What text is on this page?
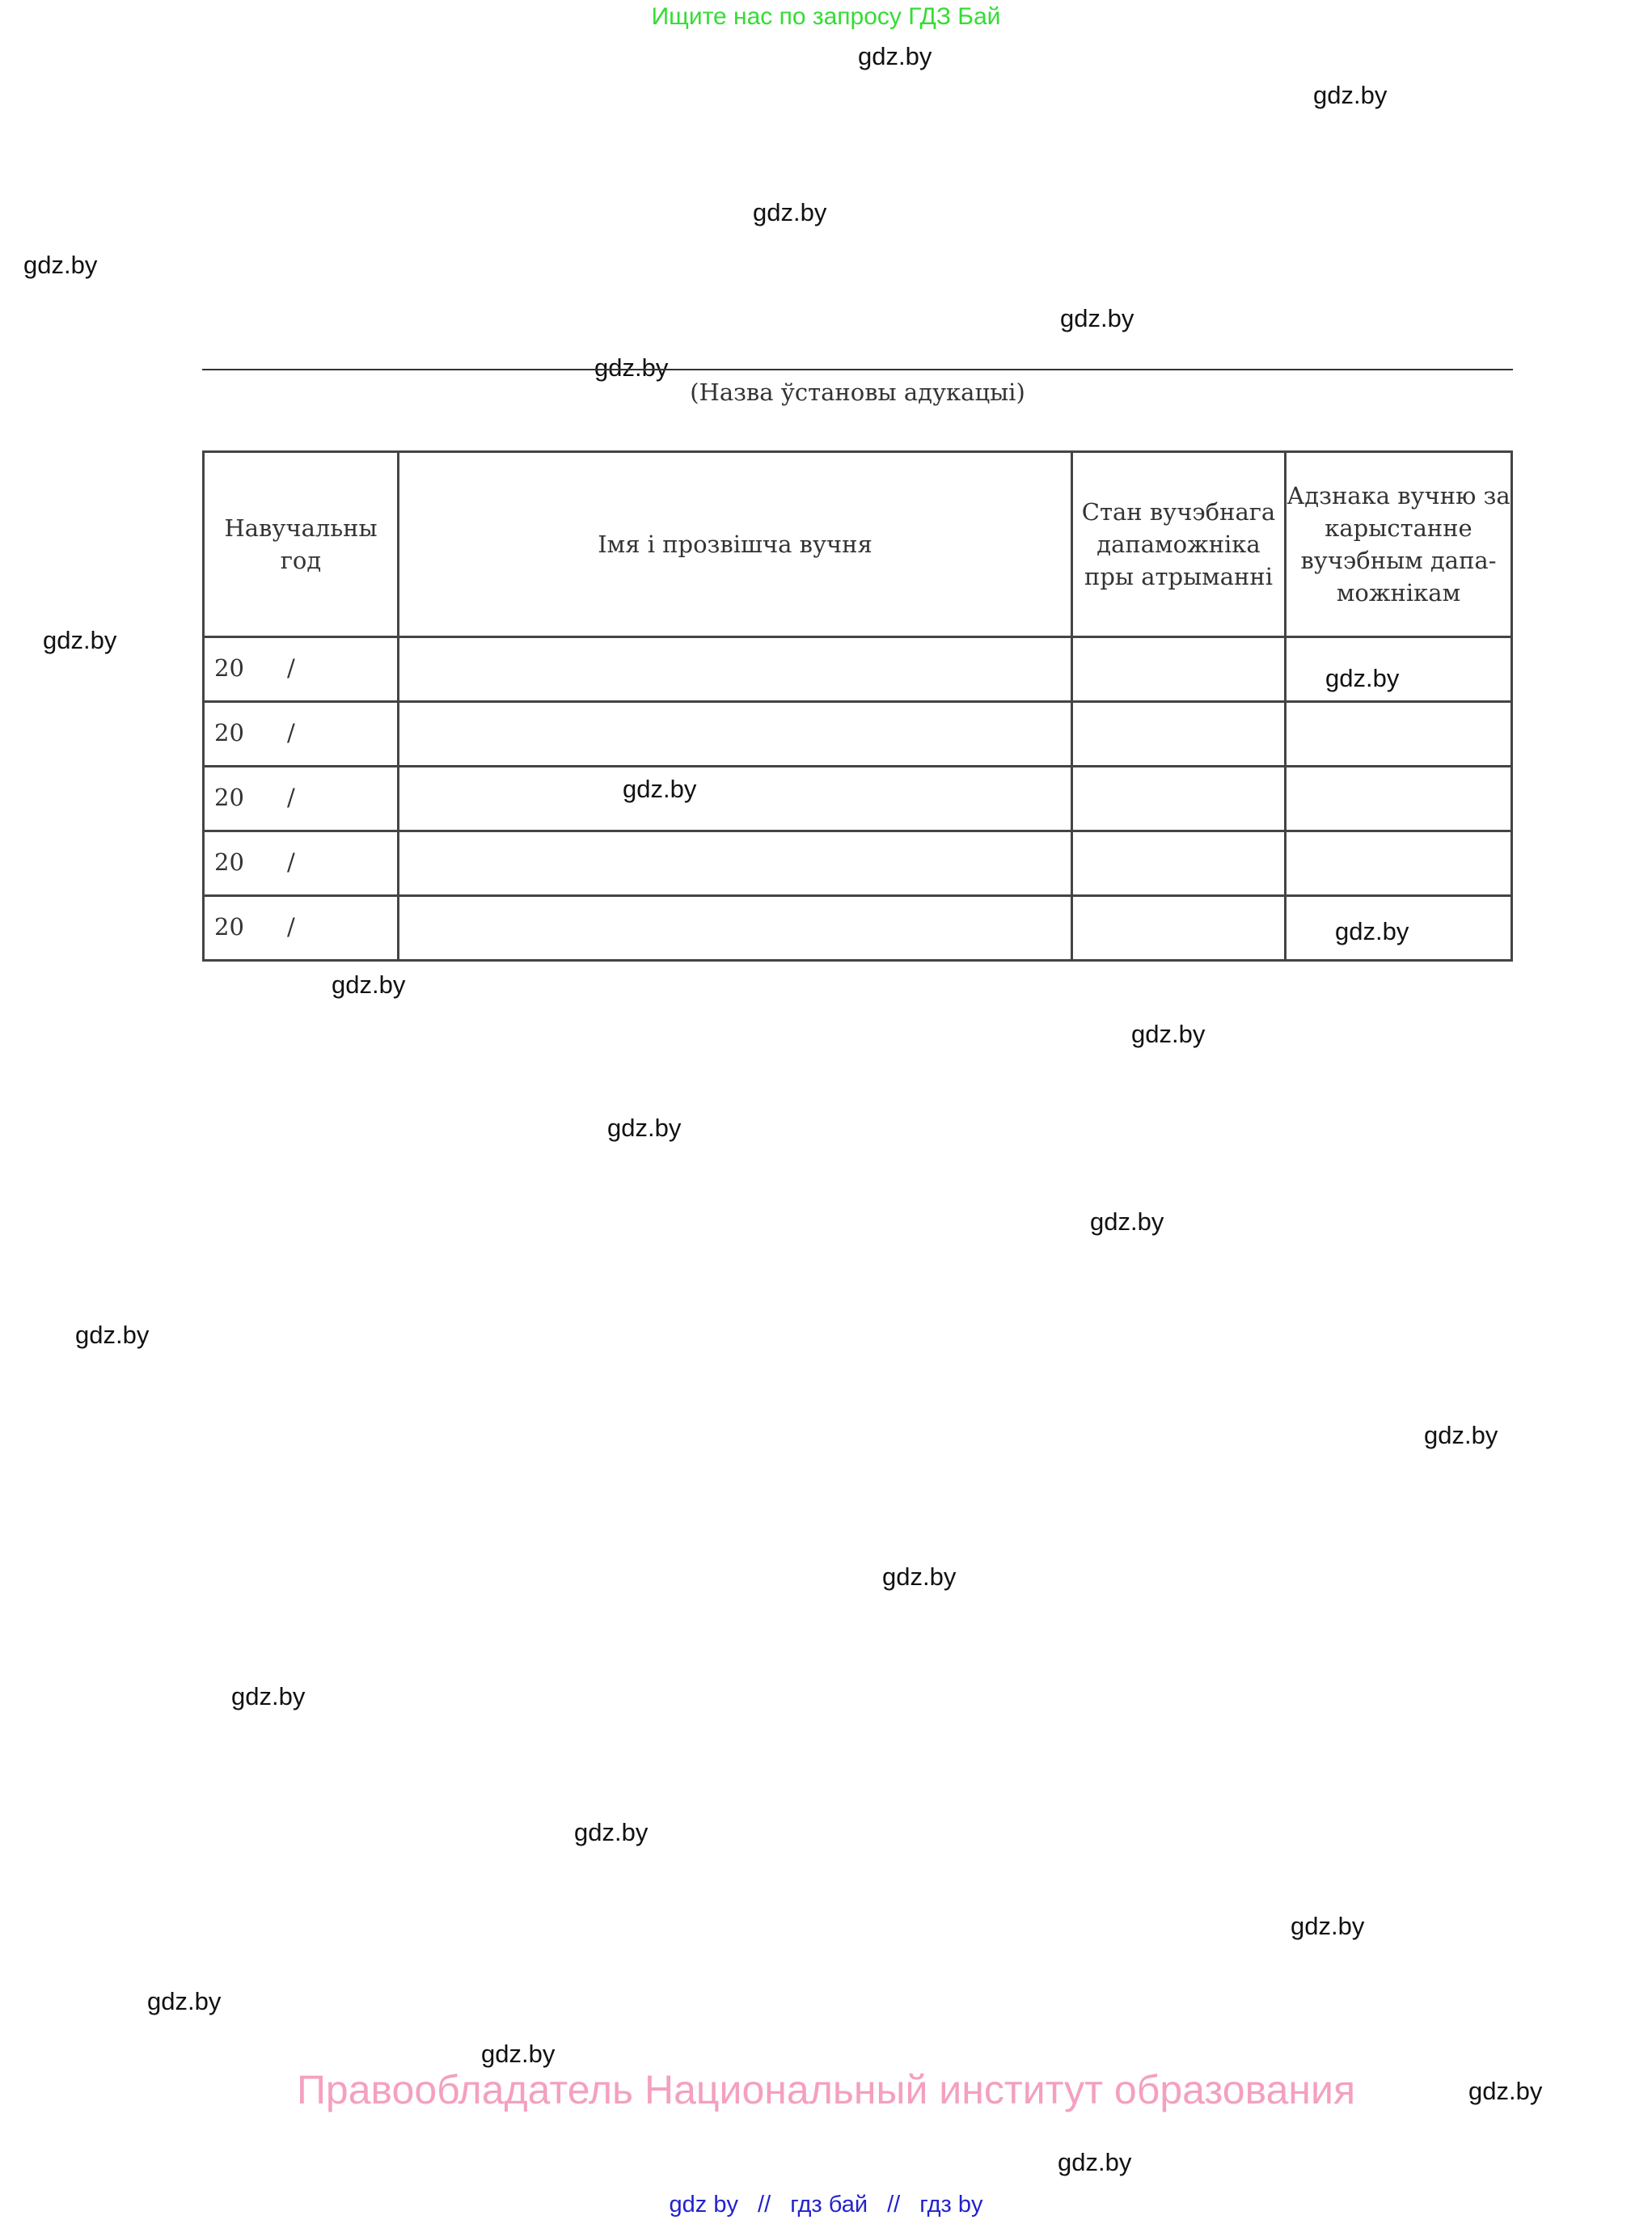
Ищите нас по запросу ГДЗ Бай
gdz.by
gdz.by
gdz.by
gdz.by
gdz.by
gdz.by
gdz.by
gdz.by
gdz.by
gdz.by
gdz.by
gdz.by
gdz.by
gdz.by
gdz.by
gdz.by
gdz.by
gdz.by
gdz.by
gdz.by
gdz.by
gdz.by
gdz.by
gdz.by
(Назва ўстановы адукацыі)
Навучальны год	Імя і прозвішча вучня	Стан вучэбнага дапаможніка пры атрыманні	Адзнака вучню за карыстанне вучэбным дапа-можнікам

20 /			

20 /			

20 /			

20 /			

20 /			

Правообладатель Национальный институт образования
gdz by // гдз бай // гдз by
